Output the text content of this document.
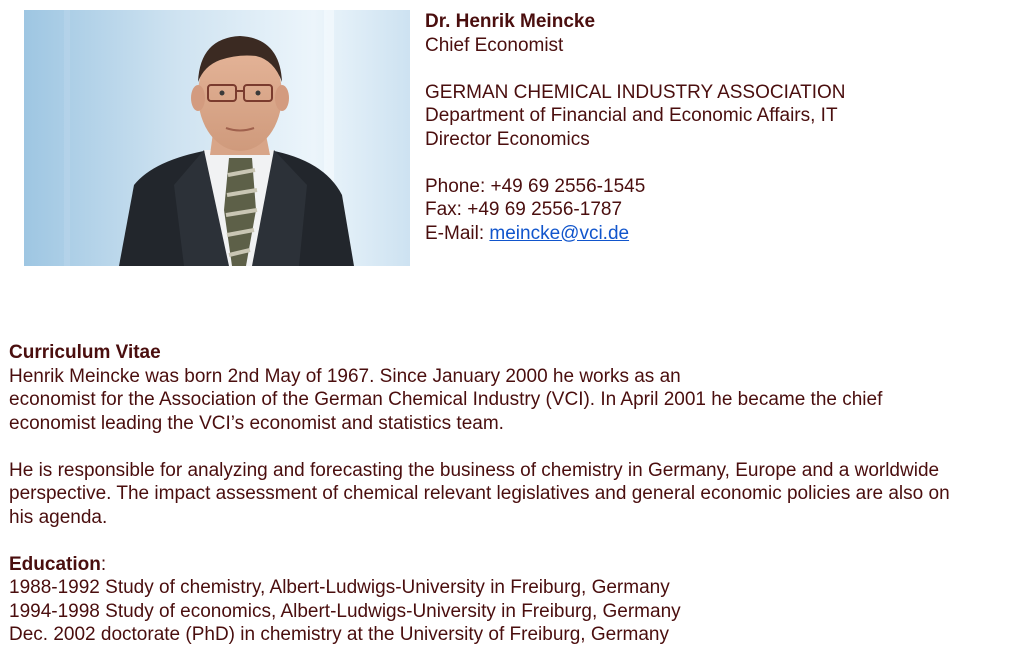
Dr. Henrik Meincke
Chief Economist
GERMAN CHEMICAL INDUSTRY ASSOCIATION
Department of Financial and Economic Affairs, IT
Director Economics
Phone: +49 69 2556-1545
Fax: +49 69 2556-1787
E-Mail: meincke@vci.de
Curriculum Vitae
Henrik Meincke was born 2nd May of 1967. Since January 2000 he works as an
economist for the Association of the German Chemical Industry (VCI). In April 2001 he became the chief
economist leading the VCI’s economist and statistics team.
He is responsible for analyzing and forecasting the business of chemistry in Germany, Europe and a worldwide
perspective. The impact assessment of chemical relevant legislatives and general economic policies are also on
his agenda.
Education:
1988-1992 Study of chemistry, Albert-Ludwigs-University in Freiburg, Germany
1994-1998 Study of economics, Albert-Ludwigs-University in Freiburg, Germany
Dec. 2002 doctorate (PhD) in chemistry at the University of Freiburg, Germany
